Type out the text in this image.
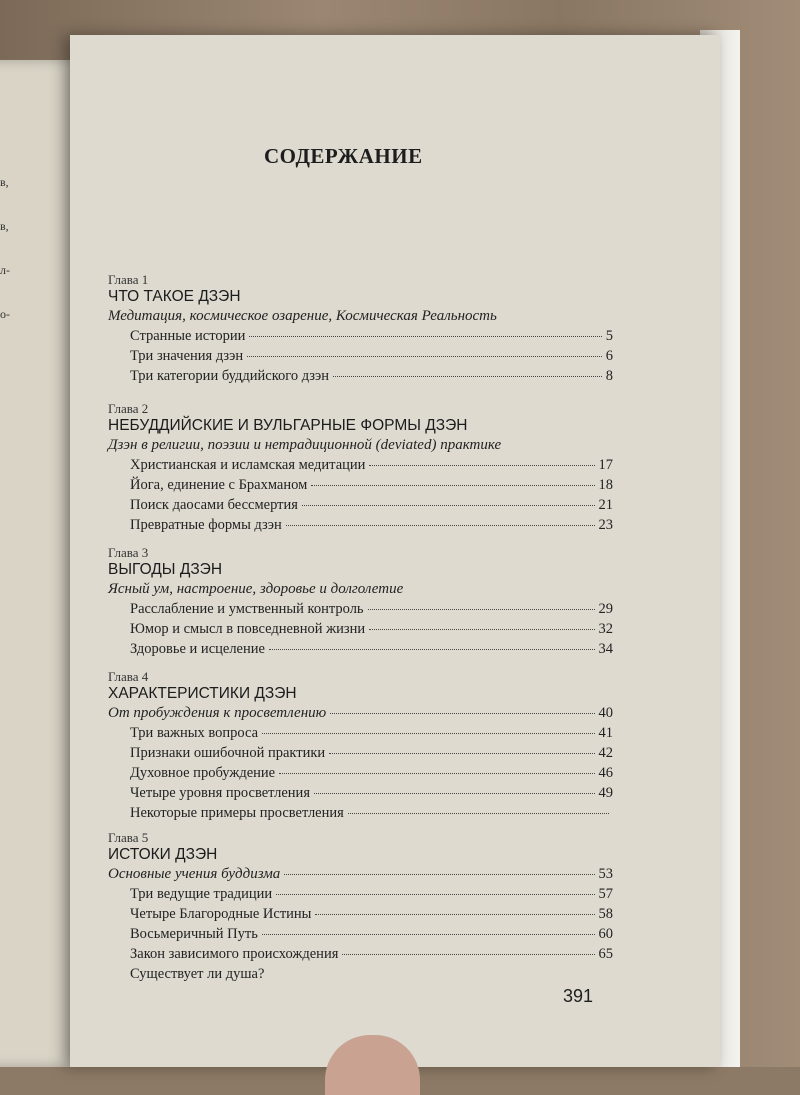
в,
в,
л-
о-
СОДЕРЖАНИЕ
Глава 1
ЧТО ТАКОЕ ДЗЭН
Медитация, космическое озарение, Космическая Реальность
Странные истории	5
Три значения дзэн	6
Три категории буддийского дзэн	8
Глава 2
НЕБУДДИЙСКИЕ И ВУЛЬГАРНЫЕ ФОРМЫ ДЗЭН
Дзэн в религии, поэзии и нетрадиционной (deviated) практике
Христианская и исламская медитации	17
Йога, единение с Брахманом	18
Поиск даосами бессмертия	21
Превратные формы дзэн	23
Глава 3
ВЫГОДЫ ДЗЭН
Ясный ум, настроение, здоровье и долголетие
Расслабление и умственный контроль	29
Юмор и смысл в повседневной жизни	32
Здоровье и исцеление	34
Глава 4
ХАРАКТЕРИСТИКИ ДЗЭН
От пробуждения к просветлению	40
Три важных вопроса	41
Признаки ошибочной практики	42
Духовное пробуждение	46
Четыре уровня просветления	49
Некоторые примеры просветления
Глава 5
ИСТОКИ ДЗЭН
Основные учения буддизма	53
Три ведущие традиции	57
Четыре Благородные Истины	58
Восьмеричный Путь	60
Закон зависимого происхождения	65
Существует ли душа?
391
